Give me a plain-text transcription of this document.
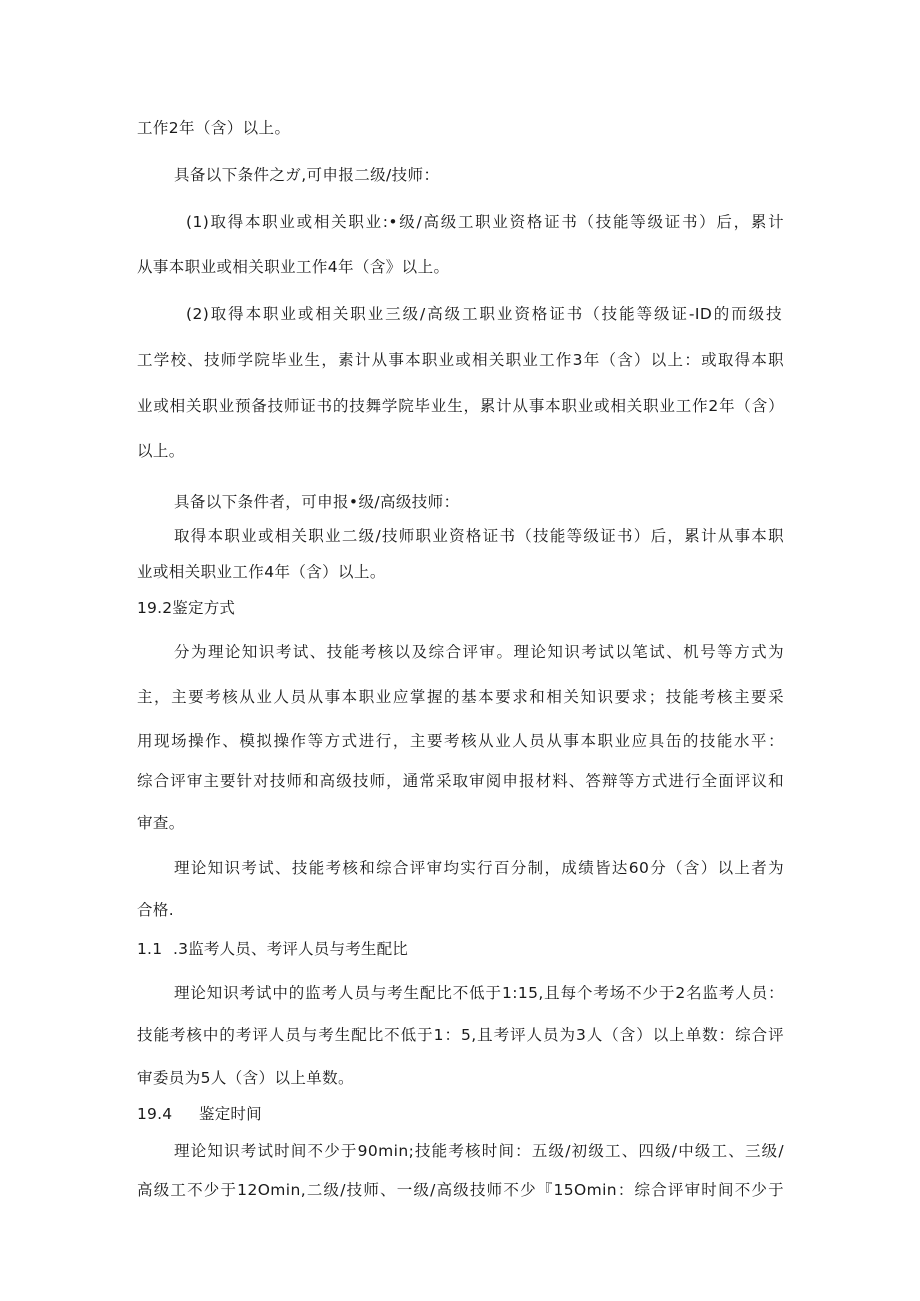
工作2年（含）以上。

具备以下条件之ガ,可申报二级/技师：

(1)取得本职业或相关职业:•级/高级工职业资格证书（技能等级证书）后，累计

从事本职业或相关职业工作4年（含》以上。

(2)取得本职业或相关职业三级/高级工职业资格证书（技能等级证-ID的而级技

工学校、技师学院毕业生，素计从事本职业或相关职业工作3年（含）以上：或取得本职

业或相关职业预备技师证书的技舞学院毕业生，累计从事本职业或相关职业工作2年（含）

以上。

具备以下条件者，可申报•级/高级技师：

取得本职业或相关职业二级/技师职业资格证书（技能等级证书）后，累计从事本职

业或相关职业工作4年（含）以上。

19.2鉴定方式

分为理论知识考试、技能考核以及综合评审。理论知识考试以笔试、机号等方式为

主，主要考核从业人员从事本职业应掌握的基本要求和相关知识要求；技能考核主要采

用现场操作、模拟操作等方式进行，主要考核从业人员从事本职业应具缶的技能水平：

综合评审主要针对技师和高级技师，通常采取审阅申报材料、答辩等方式进行全面评议和

审查。

理论知识考试、技能考核和综合评审均实行百分制，成绩皆达60分（含）以上者为

合格.

1.1 .3监考人员、考评人员与考生配比

理论知识考试中的监考人员与考生配比不低于1:15,且每个考场不少于2名监考人员：

技能考核中的考评人员与考生配比不低于1：5,且考评人员为3人（含）以上单数：综合评

审委员为5人（含）以上单数。

19.4 鉴定时间

理论知识考试时间不少于90min;技能考核时间：五级/初级工、四级/中级工、三级/

高级工不少于12Omin,二级/技师、一级/高级技师不少『15Omin：综合评审时间不少于
